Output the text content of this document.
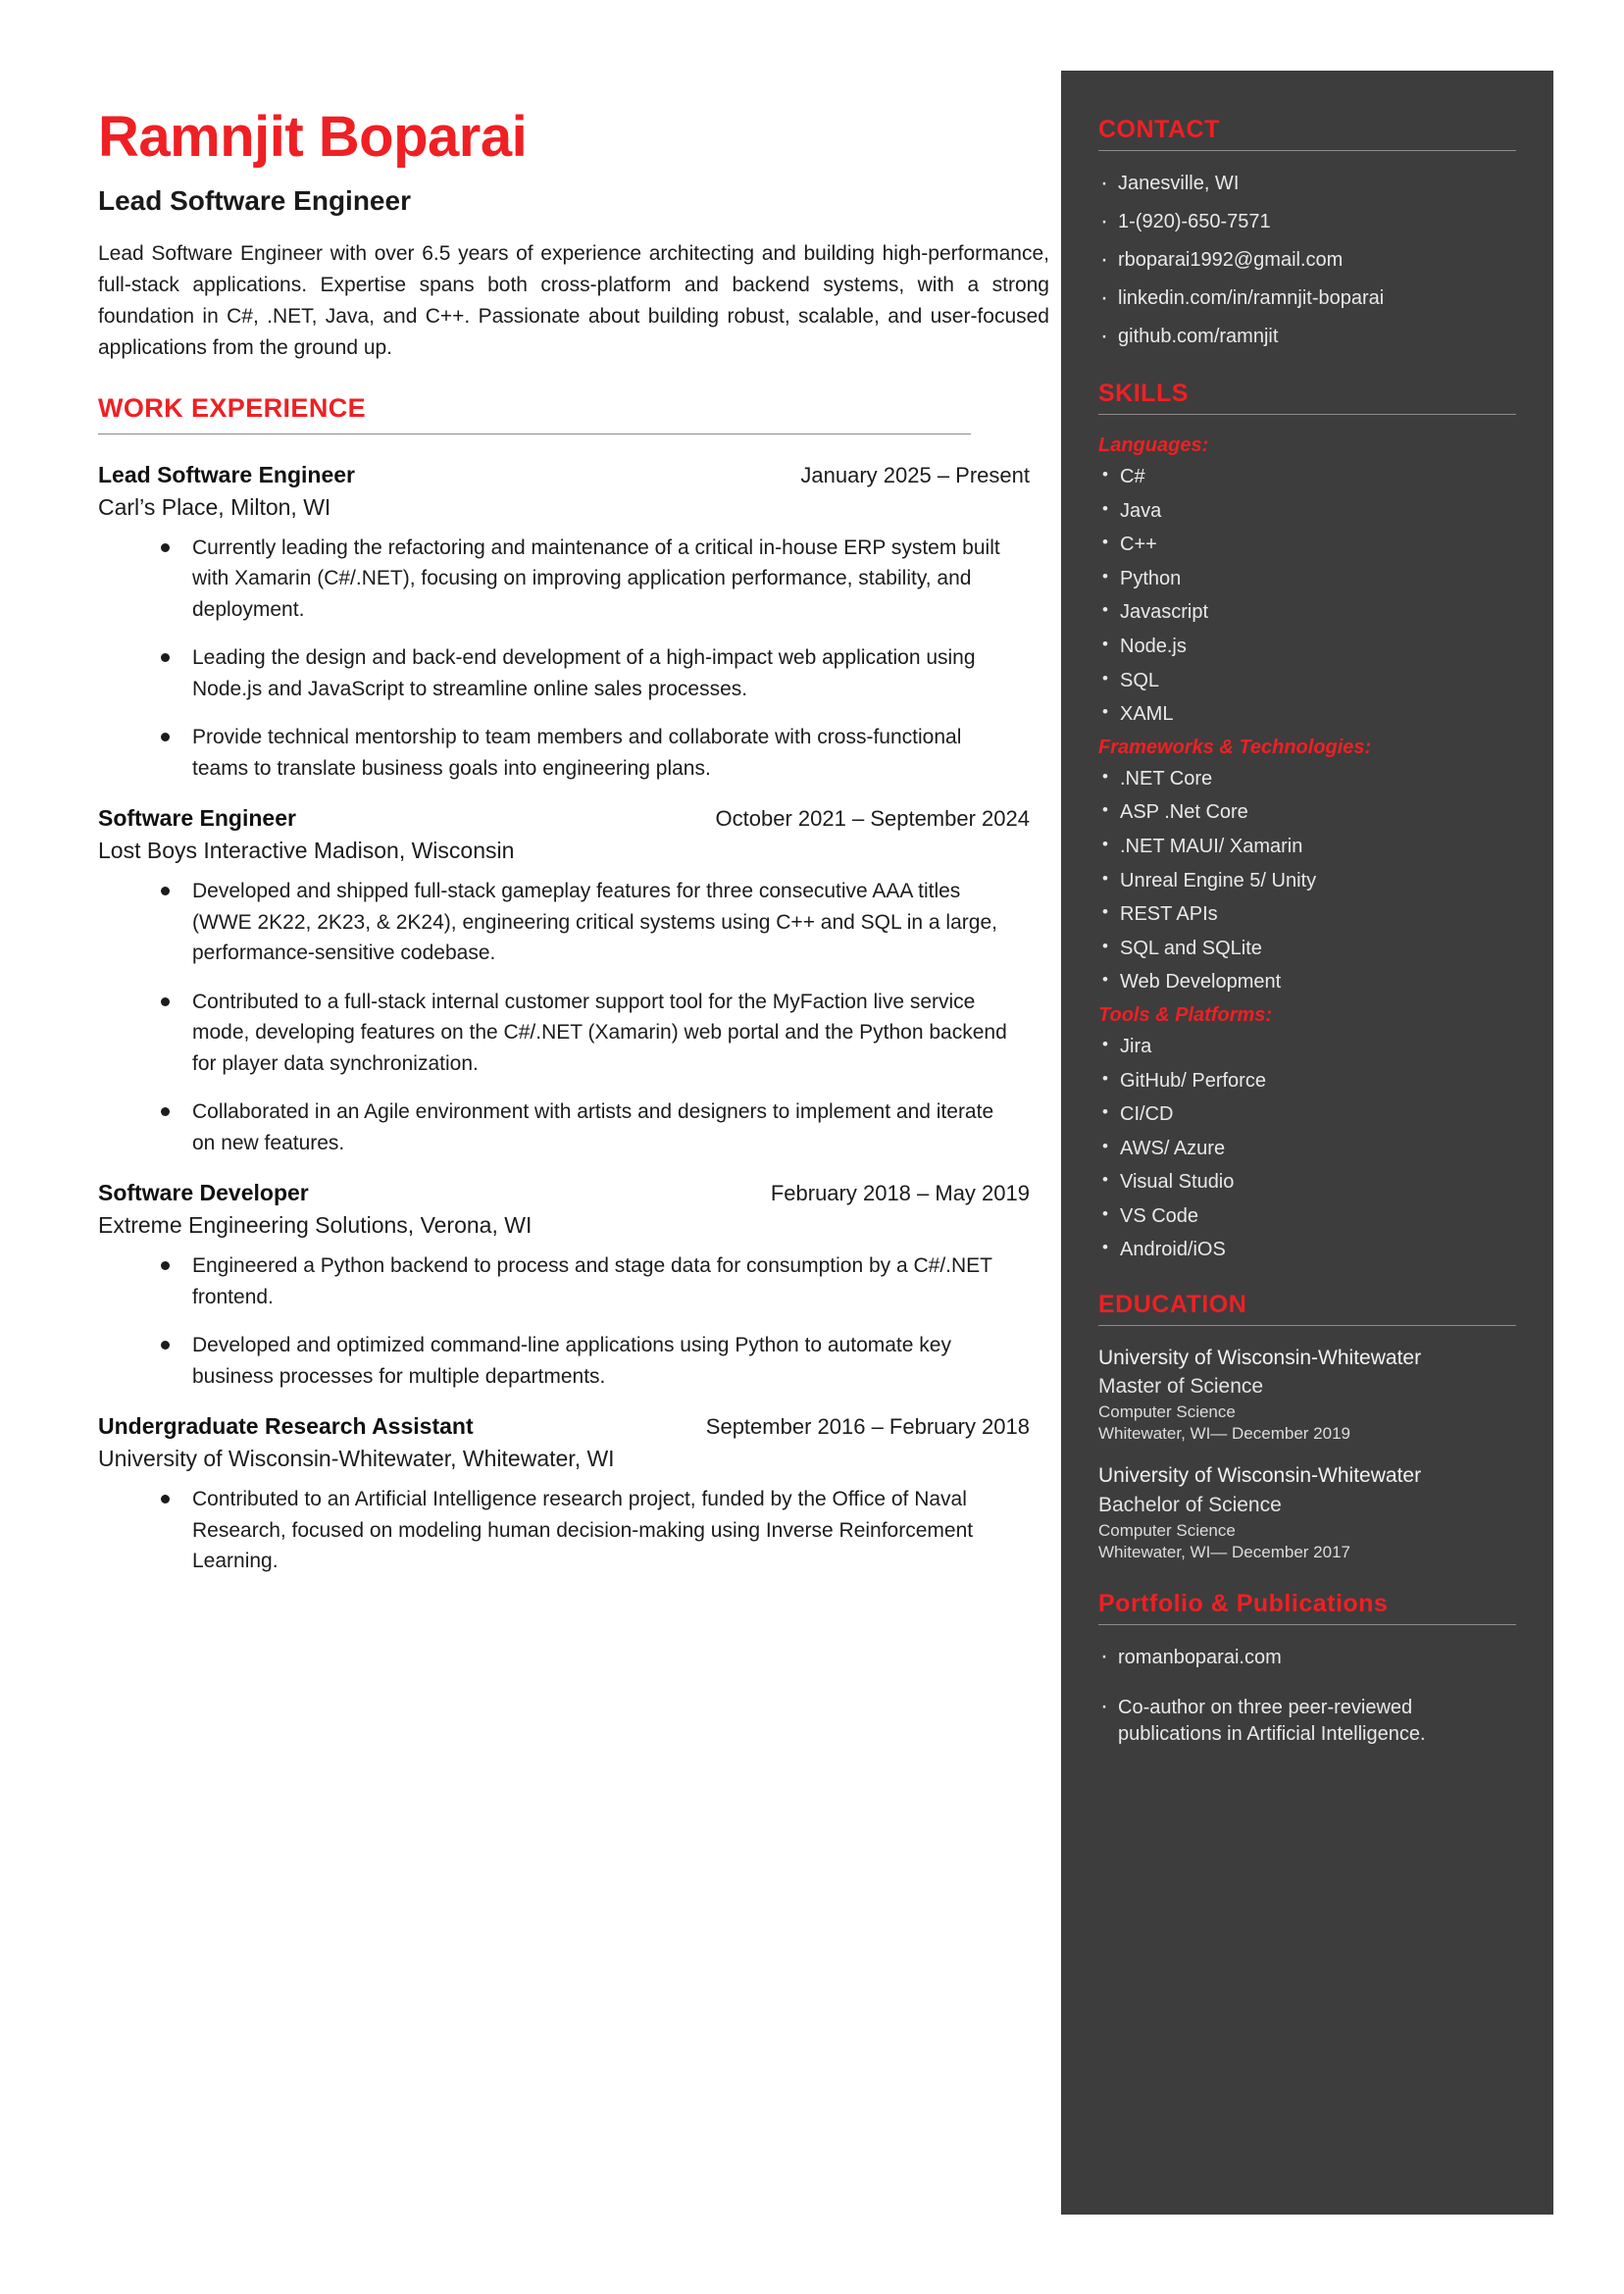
Ramnjit Boparai
Lead Software Engineer

Lead Software Engineer with over 6.5 years of experience architecting and building high-performance, full-stack applications. Expertise spans both cross-platform and backend systems, with a strong foundation in C#, .NET, Java, and C++. Passionate about building robust, scalable, and user-focused applications from the ground up.

WORK EXPERIENCE
Lead Software Engineer	January 2025 – Present
Carl’s Place, Milton, WI
Currently leading the refactoring and maintenance of a critical in-house ERP system built with Xamarin (C#/.NET), focusing on improving application performance, stability, and deployment.
Leading the design and back-end development of a high-impact web application using Node.js and JavaScript to streamline online sales processes.
Provide technical mentorship to team members and collaborate with cross-functional teams to translate business goals into engineering plans.
Software Engineer	October 2021 – September 2024
Lost Boys Interactive Madison, Wisconsin
Developed and shipped full-stack gameplay features for three consecutive AAA titles (WWE 2K22, 2K23, & 2K24), engineering critical systems using C++ and SQL in a large, performance-sensitive codebase.
Contributed to a full-stack internal customer support tool for the MyFaction live service mode, developing features on the C#/.NET (Xamarin) web portal and the Python backend for player data synchronization.
Collaborated in an Agile environment with artists and designers to implement and iterate on new features.
Software Developer	February 2018 – May 2019
Extreme Engineering Solutions, Verona, WI
Engineered a Python backend to process and stage data for consumption by a C#/.NET frontend.
Developed and optimized command-line applications using Python to automate key business processes for multiple departments.
Undergraduate Research Assistant	September 2016 – February 2018
University of Wisconsin-Whitewater, Whitewater, WI
Contributed to an Artificial Intelligence research project, funded by the Office of Naval Research, focused on modeling human decision-making using Inverse Reinforcement Learning.
CONTACT
· Janesville, WI
· 1-(920)-650-7571
· rboparai1992@gmail.com
· linkedin.com/in/ramnjit-boparai
· github.com/ramnjit
SKILLS
Languages:
• C#
• Java
• C++
• Python
• Javascript
• Node.js
• SQL
• XAML
Frameworks & Technologies:
• .NET Core
• ASP .Net Core
• .NET MAUI/ Xamarin
• Unreal Engine 5/ Unity
• REST APIs
• SQL and SQLite
• Web Development
Tools & Platforms:
• Jira
• GitHub/ Perforce
• CI/CD
• AWS/ Azure
• Visual Studio
• VS Code
• Android/iOS
EDUCATION
University of Wisconsin-Whitewater
Master of Science
Computer Science
Whitewater, WI— December 2019
University of Wisconsin-Whitewater
Bachelor of Science
Computer Science
Whitewater, WI— December 2017
Portfolio & Publications
· romanboparai.com
· Co-author on three peer-reviewed publications in Artificial Intelligence.
